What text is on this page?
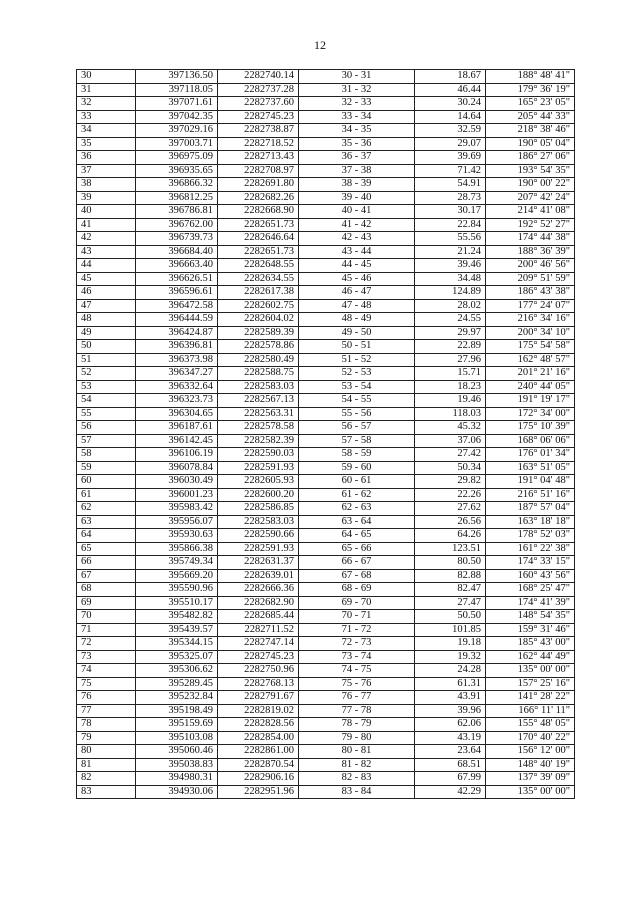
12
30	397136.50	2282740.14	30 - 31	18.67	188° 48' 41"
31	397118.05	2282737.28	31 - 32	46.44	179° 36' 19"
32	397071.61	2282737.60	32 - 33	30.24	165° 23' 05"
33	397042.35	2282745.23	33 - 34	14.64	205° 44' 33"
34	397029.16	2282738.87	34 - 35	32.59	218° 38' 46"
35	397003.71	2282718.52	35 - 36	29.07	190° 05' 04"
36	396975.09	2282713.43	36 - 37	39.69	186° 27' 06"
37	396935.65	2282708.97	37 - 38	71.42	193° 54' 35"
38	396866.32	2282691.80	38 - 39	54.91	190° 00' 22"
39	396812.25	2282682.26	39 - 40	28.73	207° 42' 24"
40	396786.81	2282668.90	40 - 41	30.17	214° 41' 08"
41	396762.00	2282651.73	41 - 42	22.84	192° 52' 27"
42	396739.73	2282646.64	42 - 43	55.56	174° 44' 38"
43	396684.40	2282651.73	43 - 44	21.24	188° 36' 39"
44	396663.40	2282648.55	44 - 45	39.46	200° 46' 56"
45	396626.51	2282634.55	45 - 46	34.48	209° 51' 59"
46	396596.61	2282617.38	46 - 47	124.89	186° 43' 38"
47	396472.58	2282602.75	47 - 48	28.02	177° 24' 07"
48	396444.59	2282604.02	48 - 49	24.55	216° 34' 16"
49	396424.87	2282589.39	49 - 50	29.97	200° 34' 10"
50	396396.81	2282578.86	50 - 51	22.89	175° 54' 58"
51	396373.98	2282580.49	51 - 52	27.96	162° 48' 57"
52	396347.27	2282588.75	52 - 53	15.71	201° 21' 16"
53	396332.64	2282583.03	53 - 54	18.23	240° 44' 05"
54	396323.73	2282567.13	54 - 55	19.46	191° 19' 17"
55	396304.65	2282563.31	55 - 56	118.03	172° 34' 00"
56	396187.61	2282578.58	56 - 57	45.32	175° 10' 39"
57	396142.45	2282582.39	57 - 58	37.06	168° 06' 06"
58	396106.19	2282590.03	58 - 59	27.42	176° 01' 34"
59	396078.84	2282591.93	59 - 60	50.34	163° 51' 05"
60	396030.49	2282605.93	60 - 61	29.82	191° 04' 48"
61	396001.23	2282600.20	61 - 62	22.26	216° 51' 16"
62	395983.42	2282586.85	62 - 63	27.62	187° 57' 04"
63	395956.07	2282583.03	63 - 64	26.56	163° 18' 18"
64	395930.63	2282590.66	64 - 65	64.26	178° 52' 03"
65	395866.38	2282591.93	65 - 66	123.51	161° 22' 38"
66	395749.34	2282631.37	66 - 67	80.50	174° 33' 15"
67	395669.20	2282639.01	67 - 68	82.88	160° 43' 56"
68	395590.96	2282666.36	68 - 69	82.47	168° 25' 47"
69	395510.17	2282682.90	69 - 70	27.47	174° 41' 39"
70	395482.82	2282685.44	70 - 71	50.50	148° 54' 35"
71	395439.57	2282711.52	71 - 72	101.85	159° 31' 46"
72	395344.15	2282747.14	72 - 73	19.18	185° 43' 00"
73	395325.07	2282745.23	73 - 74	19.32	162° 44' 49"
74	395306.62	2282750.96	74 - 75	24.28	135° 00' 00"
75	395289.45	2282768.13	75 - 76	61.31	157° 25' 16"
76	395232.84	2282791.67	76 - 77	43.91	141° 28' 22"
77	395198.49	2282819.02	77 - 78	39.96	166° 11' 11"
78	395159.69	2282828.56	78 - 79	62.06	155° 48' 05"
79	395103.08	2282854.00	79 - 80	43.19	170° 40' 22"
80	395060.46	2282861.00	80 - 81	23.64	156° 12' 00"
81	395038.83	2282870.54	81 - 82	68.51	148° 40' 19"
82	394980.31	2282906.16	82 - 83	67.99	137° 39' 09"
83	394930.06	2282951.96	83 - 84	42.29	135° 00' 00"
